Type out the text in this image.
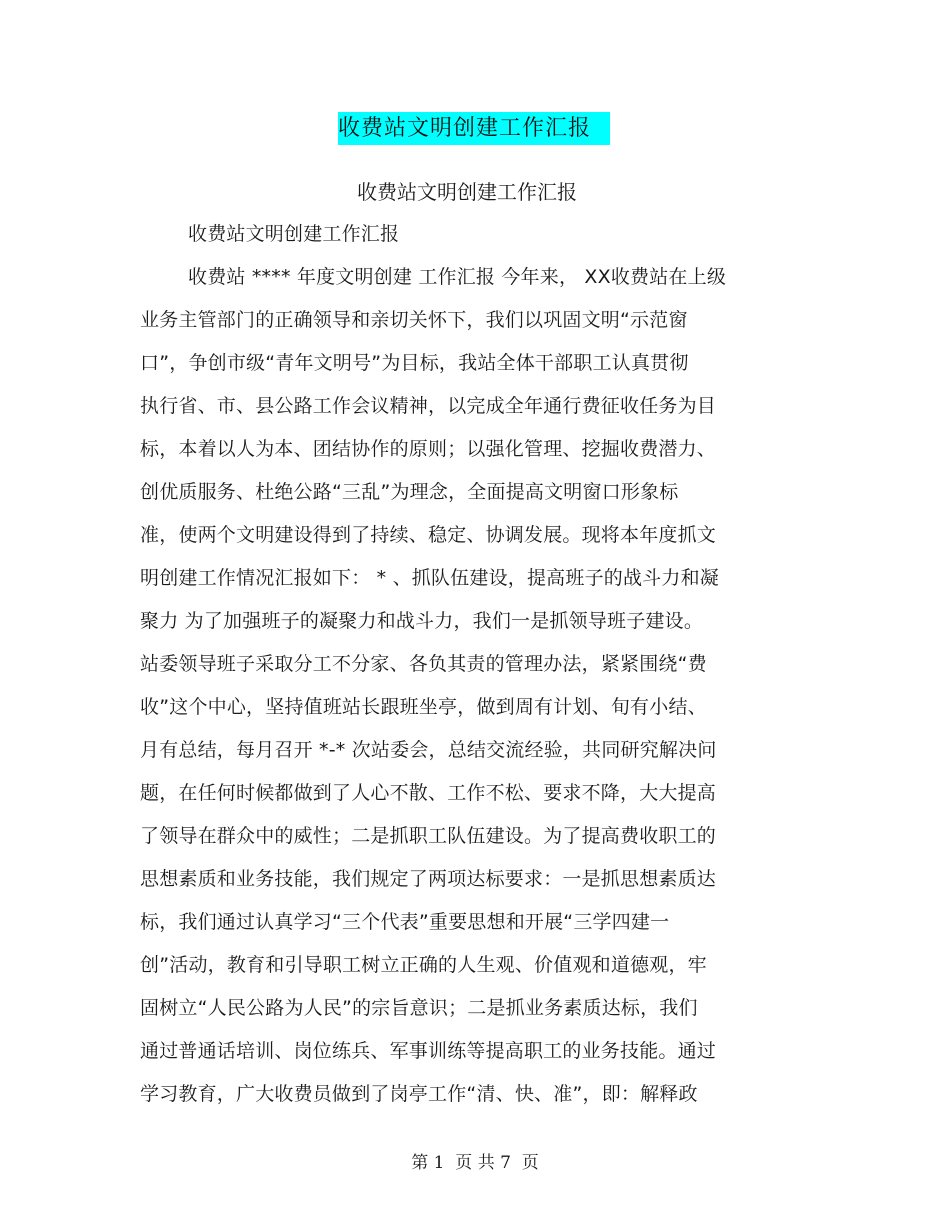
收费站文明创建工作汇报
收费站文明创建工作汇报
收费站文明创建工作汇报
收费站 **** 年度文明创建 工作汇报 今年来， XX收费站在上级
业务主管部门的正确领导和亲切关怀下，我们以巩固文明“示范窗
口”，争创市级“青年文明号”为目标，我站全体干部职工认真贯彻
执行省、市、县公路工作会议精神，以完成全年通行费征收任务为目
标，本着以人为本、团结协作的原则；以强化管理、挖掘收费潜力、
创优质服务、杜绝公路“三乱”为理念，全面提高文明窗口形象标
准，使两个文明建设得到了持续、稳定、协调发展。现将本年度抓文
明创建工作情况汇报如下： * 、抓队伍建设，提高班子的战斗力和凝
聚力 为了加强班子的凝聚力和战斗力，我们一是抓领导班子建设。
站委领导班子采取分工不分家、各负其责的管理办法，紧紧围绕“费
收”这个中心，坚持值班站长跟班坐亭，做到周有计划、旬有小结、
月有总结，每月召开 *-* 次站委会，总结交流经验，共同研究解决问
题，在任何时候都做到了人心不散、工作不松、要求不降，大大提高
了领导在群众中的威性；二是抓职工队伍建设。为了提高费收职工的
思想素质和业务技能，我们规定了两项达标要求：一是抓思想素质达
标，我们通过认真学习“三个代表”重要思想和开展“三学四建一
创”活动，教育和引导职工树立正确的人生观、价值观和道德观，牢
固树立“人民公路为人民”的宗旨意识；二是抓业务素质达标，我们
通过普通话培训、岗位练兵、军事训练等提高职工的业务技能。通过
学习教育，广大收费员做到了岗亭工作“清、快、准”，即：解释政
第 1  页 共 7  页
